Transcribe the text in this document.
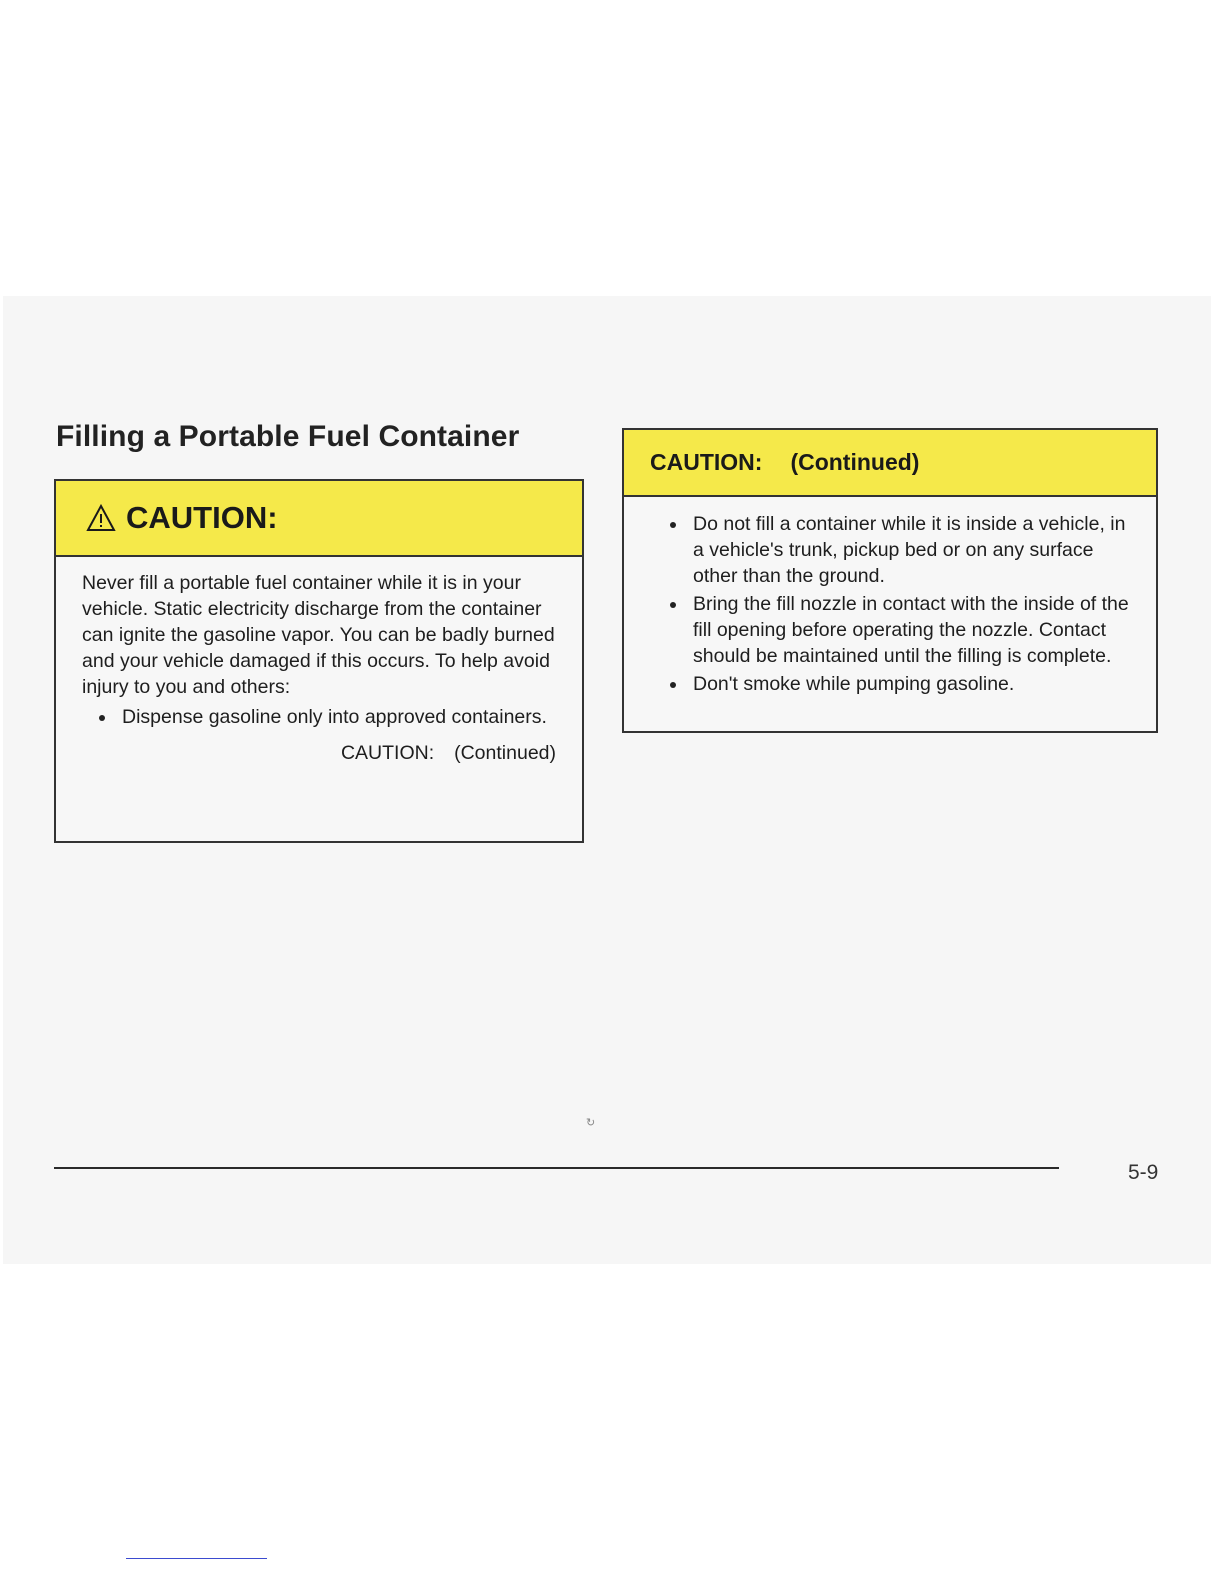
Filling a Portable Fuel Container
CAUTION:
Never fill a portable fuel container while it is in your vehicle. Static electricity discharge from the container can ignite the gasoline vapor. You can be badly burned and your vehicle damaged if this occurs. To help avoid injury to you and others:
Dispense gasoline only into approved containers.
CAUTION: (Continued)
CAUTION: (Continued)
Do not fill a container while it is inside a vehicle, in a vehicle's trunk, pickup bed or on any surface other than the ground.
Bring the fill nozzle in contact with the inside of the fill opening before operating the nozzle. Contact should be maintained until the filling is complete.
Don't smoke while pumping gasoline.
↻
5-9
